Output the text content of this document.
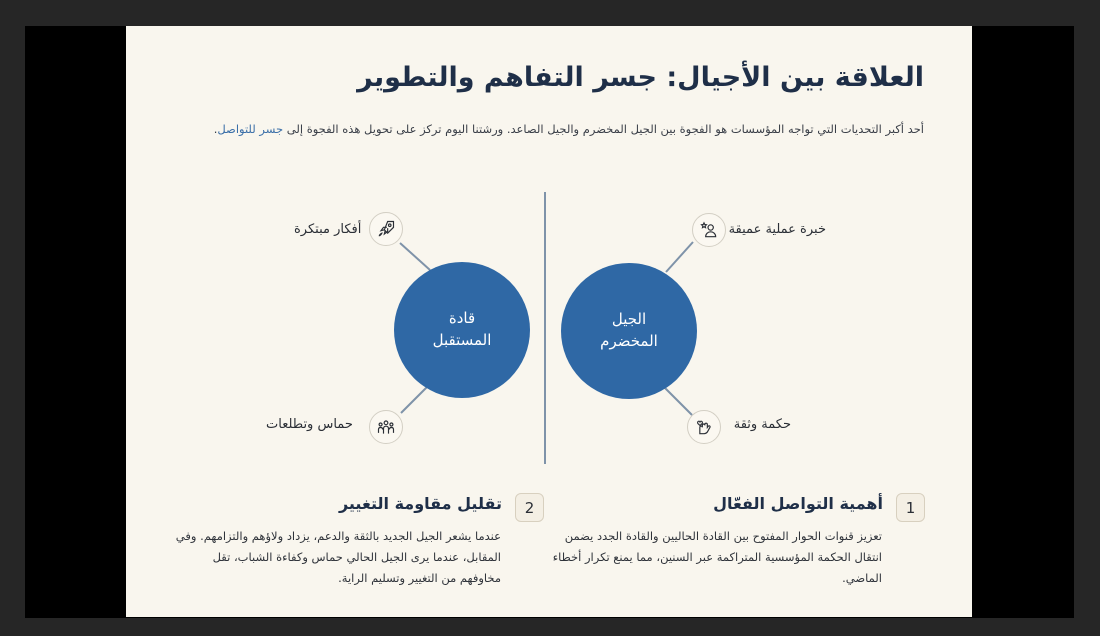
العلاقة بين الأجيال: جسر التفاهم والتطوير

أحد أكبر التحديات التي تواجه المؤسسات هو الفجوة بين الجيل المخضرم والجيل الصاعد. ورشتنا اليوم تركز على تحويل هذه الفجوة إلى جسر للتواصل.

الجيل
المخضرم
قادة
المستقبل
خبرة عملية عميقة
حكمة وثقة
أفكار مبتكرة
حماس وتطلعات
1
أهمية التواصل الفعّال

تعزيز قنوات الحوار المفتوح بين القادة الحاليين والقادة الجدد يضمن انتقال الحكمة المؤسسية المتراكمة عبر السنين، مما يمنع تكرار أخطاء الماضي.

2
تقليل مقاومة التغيير

عندما يشعر الجيل الجديد بالثقة والدعم، يزداد ولاؤهم والتزامهم. وفي المقابل، عندما يرى الجيل الحالي حماس وكفاءة الشباب، تقل مخاوفهم من التغيير وتسليم الراية.
